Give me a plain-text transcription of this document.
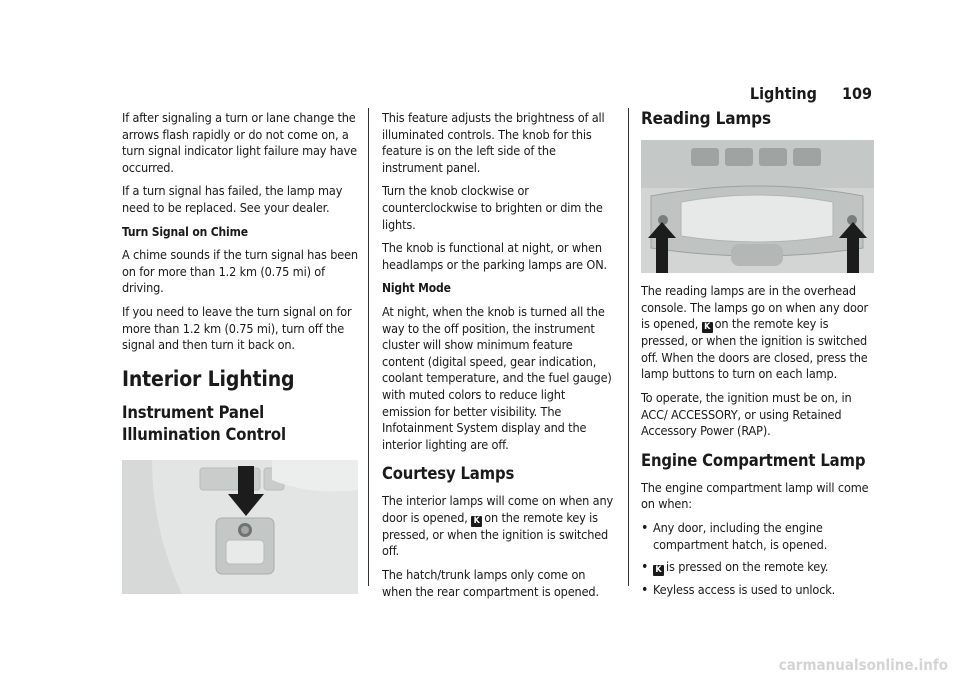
Lighting 109

If after signaling a turn or lane change the arrows flash rapidly or do not come on, a turn signal indicator light failure may have occurred.

If a turn signal has failed, the lamp may need to be replaced. See your dealer.

Turn Signal on Chime

A chime sounds if the turn signal has been on for more than 1.2 km (0.75 mi) of driving.

If you need to leave the turn signal on for more than 1.2 km (0.75 mi), turn off the signal and then turn it back on.

Interior Lighting
Instrument Panel Illumination Control

This feature adjusts the brightness of all illuminated controls. The knob for this feature is on the left side of the instrument panel.

Turn the knob clockwise or counterclockwise to brighten or dim the lights.

The knob is functional at night, or when headlamps or the parking lamps are ON.

Night Mode

At night, when the knob is turned all the way to the off position, the instrument cluster will show minimum feature content (digital speed, gear indication, coolant temperature, and the fuel gauge) with muted colors to reduce light emission for better visibility. The Infotainment System display and the interior lighting are off.

Courtesy Lamps

The interior lamps will come on when any door is opened, K on the remote key is pressed, or when the ignition is switched off.

The hatch/trunk lamps only come on when the rear compartment is opened.

Reading Lamps

The reading lamps are in the overhead console. The lamps go on when any door is opened, K on the remote key is pressed, or when the ignition is switched off. When the doors are closed, press the lamp buttons to turn on each lamp.

To operate, the ignition must be on, in ACC/ ACCESSORY, or using Retained Accessory Power (RAP).

Engine Compartment Lamp

The engine compartment lamp will come on when:

• Any door, including the engine compartment hatch, is opened.
• K is pressed on the remote key.
• Keyless access is used to unlock.
carmanualsonline.info
